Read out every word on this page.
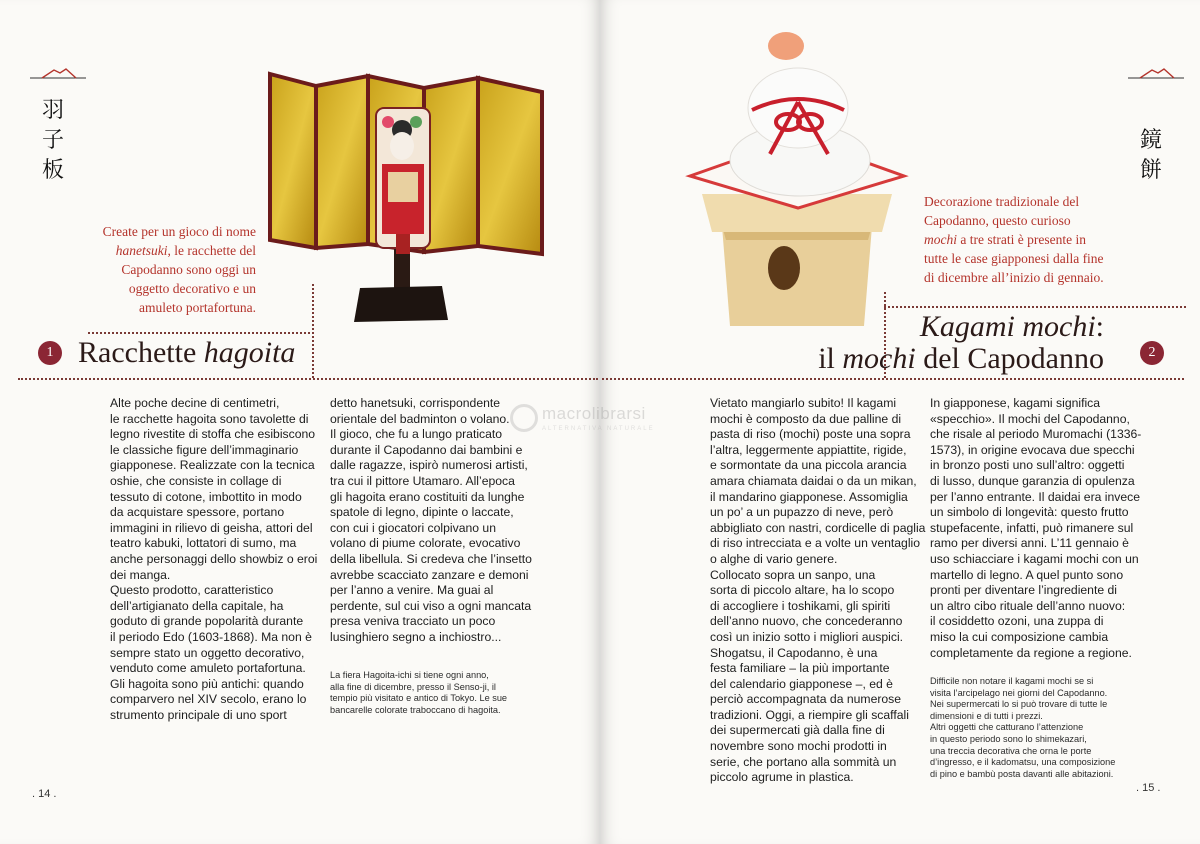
羽
子
板
Create per un gioco di nome
hanetsuki, le racchette del
Capodanno sono oggi un
oggetto decorativo e un
amuleto portafortuna.
1 Racchette hagoita

Alte poche decine di centimetri,

le racchette hagoita sono tavolette di

legno rivestite di stoffa che esibiscono

le classiche figure dell’immaginario

giapponese. Realizzate con la tecnica

oshie, che consiste in collage di

tessuto di cotone, imbottito in modo

da acquistare spessore, portano

immagini in rilievo di geisha, attori del

teatro kabuki, lottatori di sumo, ma

anche personaggi dello showbiz o eroi

dei manga.

Questo prodotto, caratteristico

dell’artigianato della capitale, ha

goduto di grande popolarità durante

il periodo Edo (1603-1868). Ma non è

sempre stato un oggetto decorativo,

venduto come amuleto portafortuna.

Gli hagoita sono più antichi: quando

comparvero nel XIV secolo, erano lo

strumento principale di uno sport

detto hanetsuki, corrispondente

orientale del badminton o volano.

Il gioco, che fu a lungo praticato

durante il Capodanno dai bambini e

dalle ragazze, ispirò numerosi artisti,

tra cui il pittore Utamaro. All’epoca

gli hagoita erano costituiti da lunghe

spatole di legno, dipinte o laccate,

con cui i giocatori colpivano un

volano di piume colorate, evocativo

della libellula. Si credeva che l’insetto

avrebbe scacciato zanzare e demoni

per l’anno a venire. Ma guai al

perdente, sul cui viso a ogni mancata

presa veniva tracciato un poco

lusinghiero segno a inchiostro...

La fiera Hagoita-ichi si tiene ogni anno,
alla fine di dicembre, presso il Senso-ji, il
tempio più visitato e antico di Tokyo. Le sue
bancarelle colorate traboccano di hagoita.
. 14 .
鏡
餅
Decorazione tradizionale del
Capodanno, questo curioso
mochi a tre strati è presente in
tutte le case giapponesi dalla fine
di dicembre all’inizio di gennaio.
Kagami mochi:
il mochi del Capodanno	2

Vietato mangiarlo subito! Il kagami

mochi è composto da due palline di

pasta di riso (mochi) poste una sopra

l’altra, leggermente appiattite, rigide,

e sormontate da una piccola arancia

amara chiamata daidai o da un mikan,

il mandarino giapponese. Assomiglia

un po’ a un pupazzo di neve, però

abbigliato con nastri, cordicelle di paglia

di riso intrecciata e a volte un ventaglio

o alghe di vario genere.

Collocato sopra un sanpo, una

sorta di piccolo altare, ha lo scopo

di accogliere i toshikami, gli spiriti

dell’anno nuovo, che concederanno

così un inizio sotto i migliori auspici.

Shogatsu, il Capodanno, è una

festa familiare – la più importante

del calendario giapponese –, ed è

perciò accompagnata da numerose

tradizioni. Oggi, a riempire gli scaffali

dei supermercati già dalla fine di

novembre sono mochi prodotti in

serie, che portano alla sommità un

piccolo agrume in plastica.

In giapponese, kagami significa

«specchio». Il mochi del Capodanno,

che risale al periodo Muromachi (1336-

1573), in origine evocava due specchi

in bronzo posti uno sull’altro: oggetti

di lusso, dunque garanzia di opulenza

per l’anno entrante. Il daidai era invece

un simbolo di longevità: questo frutto

stupefacente, infatti, può rimanere sul

ramo per diversi anni. L’11 gennaio è

uso schiacciare i kagami mochi con un

martello di legno. A quel punto sono

pronti per diventare l’ingrediente di

un altro cibo rituale dell’anno nuovo:

il cosiddetto ozoni, una zuppa di

miso la cui composizione cambia

completamente da regione a regione.

Difficile non notare il kagami mochi se si
visita l’arcipelago nei giorni del Capodanno.
Nei supermercati lo si può trovare di tutte le
dimensioni e di tutti i prezzi.
Altri oggetti che catturano l’attenzione
in questo periodo sono lo shimekazari,
una treccia decorativa che orna le porte
d’ingresso, e il kadomatsu, una composizione
di pino e bambù posta davanti alle abitazioni.
. 15 .
macrolibrarsi
ALTERNATIVA NATURALE
